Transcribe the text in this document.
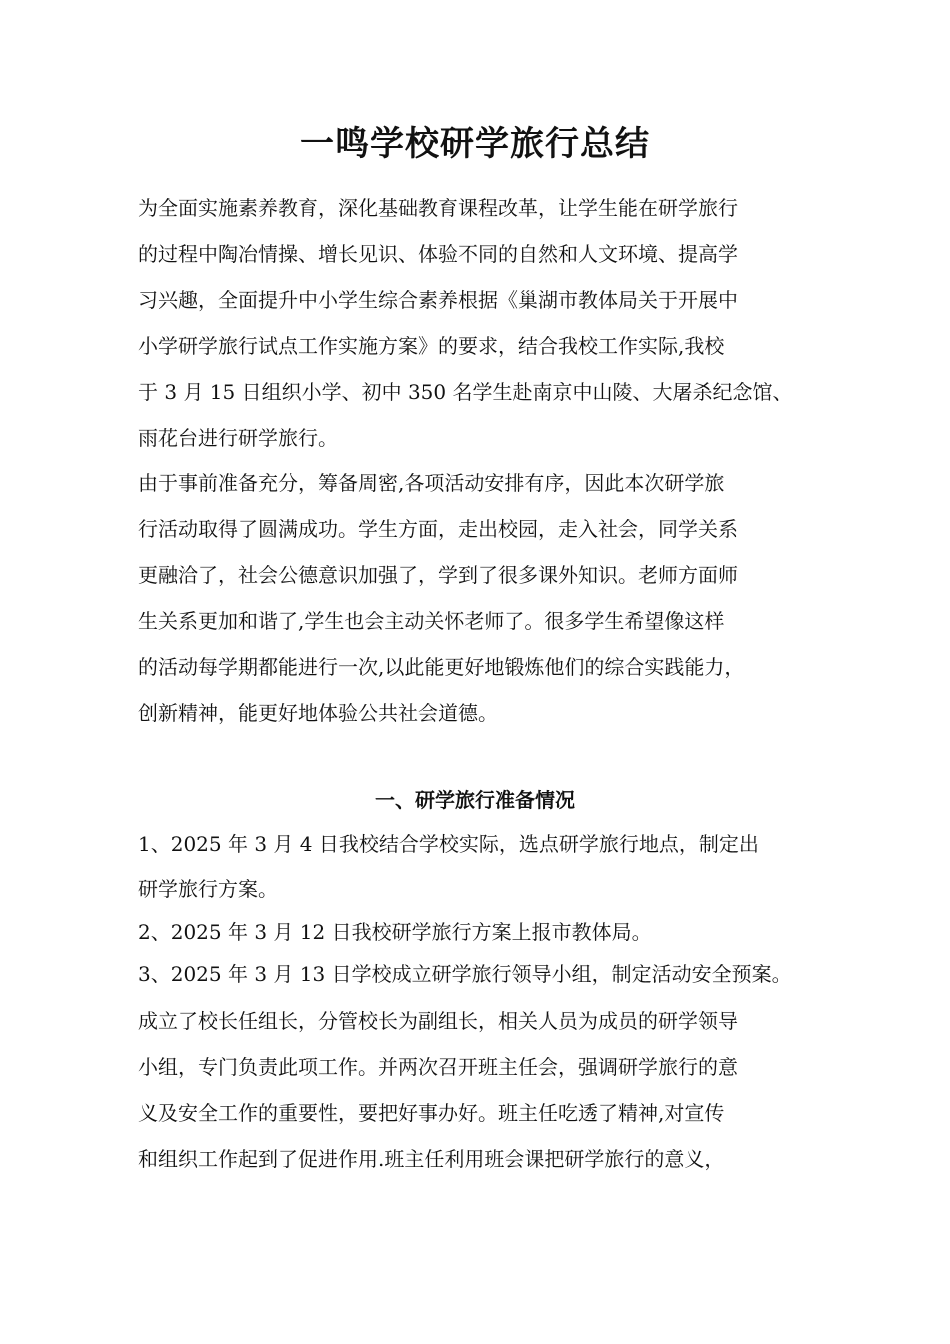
一鸣学校研学旅行总结

为全面实施素养教育，深化基础教育课程改革，让学生能在研学旅行

的过程中陶冶情操、增长见识、体验不同的自然和人文环境、提高学

习兴趣，全面提升中小学生综合素养根据《巢湖市教体局关于开展中

小学研学旅行试点工作实施方案》的要求，结合我校工作实际,我校

于 3 月 15 日组织小学、初中 350 名学生赴南京中山陵、大屠杀纪念馆、

雨花台进行研学旅行。

由于事前准备充分，筹备周密,各项活动安排有序，因此本次研学旅

行活动取得了圆满成功。学生方面，走出校园，走入社会，同学关系

更融洽了，社会公德意识加强了，学到了很多课外知识。老师方面师

生关系更加和谐了,学生也会主动关怀老师了。很多学生希望像这样

的活动每学期都能进行一次,以此能更好地锻炼他们的综合实践能力，

创新精神，能更好地体验公共社会道德。

一、研学旅行准备情况

1、2025 年 3 月 4 日我校结合学校实际，选点研学旅行地点，制定出

研学旅行方案。

2、2025 年 3 月 12 日我校研学旅行方案上报市教体局。

3、2025 年 3 月 13 日学校成立研学旅行领导小组，制定活动安全预案。

成立了校长任组长，分管校长为副组长，相关人员为成员的研学领导

小组，专门负责此项工作。并两次召开班主任会，强调研学旅行的意

义及安全工作的重要性，要把好事办好。班主任吃透了精神,对宣传

和组织工作起到了促进作用.班主任利用班会课把研学旅行的意义，
